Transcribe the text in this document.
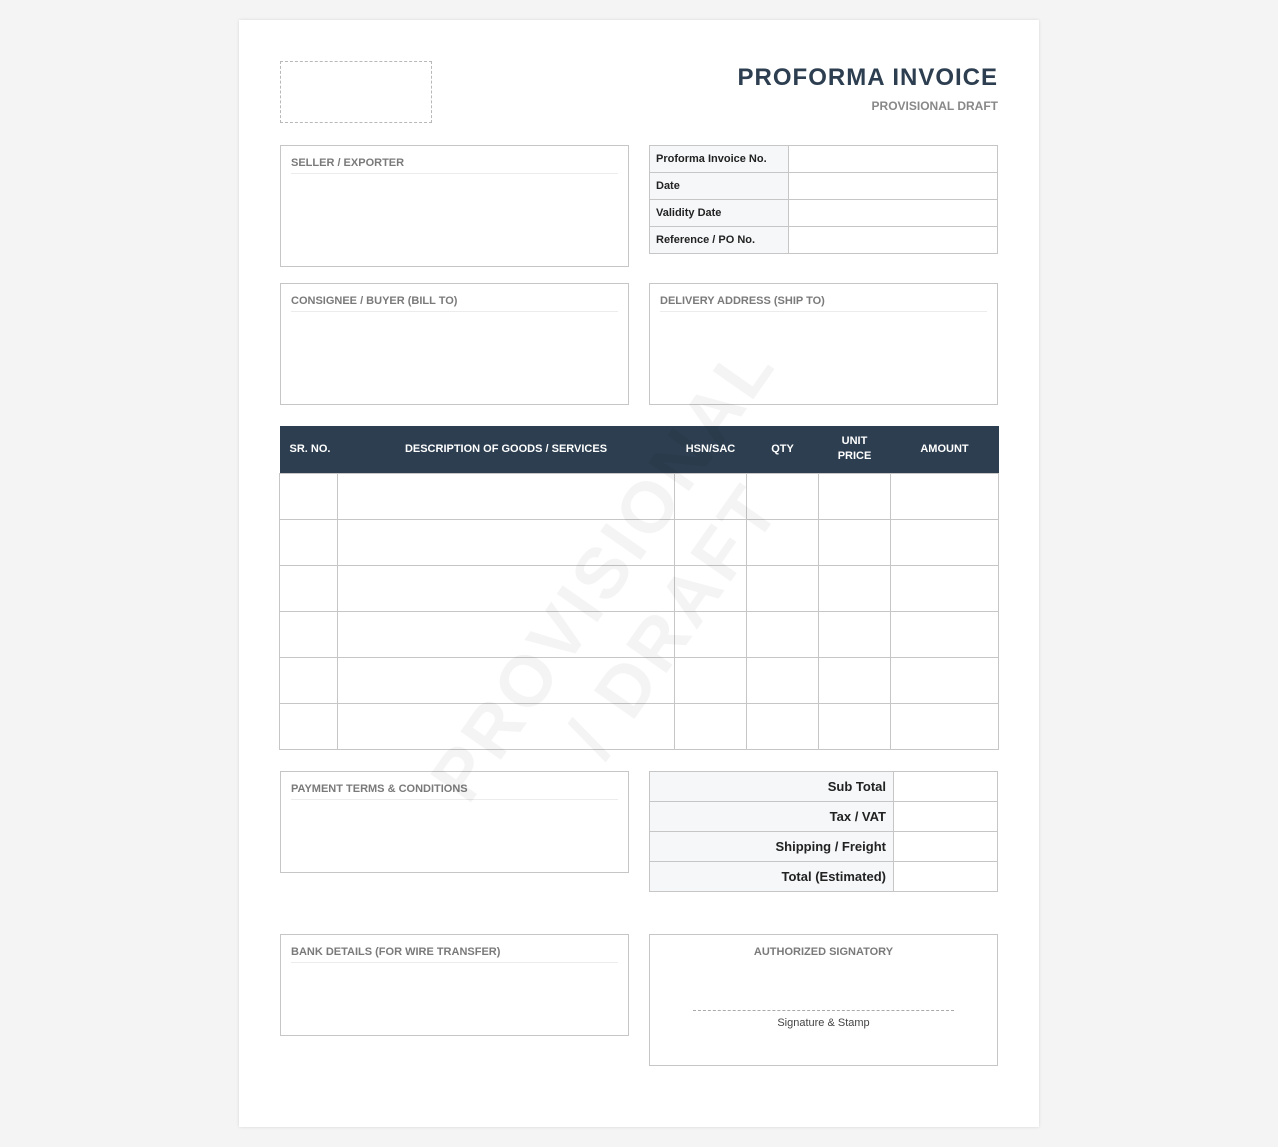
PROFORMA INVOICE
PROVISIONAL DRAFT
SELLER / EXPORTER	Proforma Invoice No.	
Date	
Validity Date	
Reference / PO No.	
CONSIGNEE / BUYER (BILL TO)	DELIVERY ADDRESS (SHIP TO)
SR. NO.	DESCRIPTION OF GOODS / SERVICES	HSN/SAC	QTY	UNIT PRICE	AMOUNT

PAYMENT TERMS & CONDITIONS	Sub Total	
Tax / VAT	
Shipping / Freight	
Total (Estimated)	
BANK DETAILS (FOR WIRE TRANSFER)	AUTHORIZED SIGNATORY
Signature & Stamp
